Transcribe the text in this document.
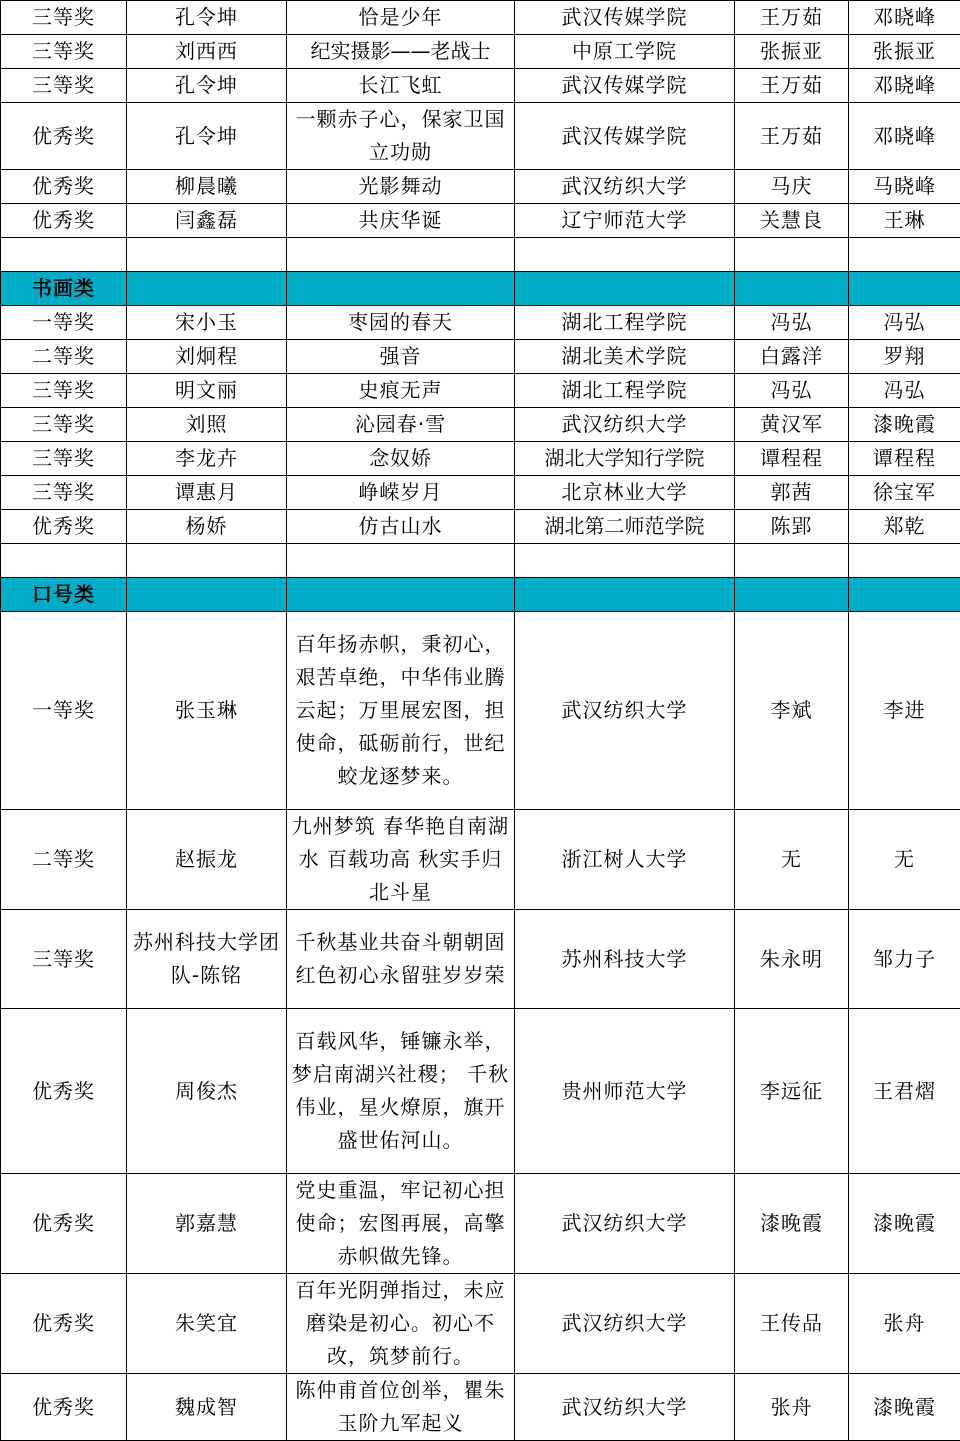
三等奖	孔令坤	恰是少年	武汉传媒学院	王万茹	邓晓峰
三等奖	刘西西	纪实摄影——老战士	中原工学院	张振亚	张振亚
三等奖	孔令坤	长江飞虹	武汉传媒学院	王万茹	邓晓峰
优秀奖	孔令坤	一颗赤子心，保家卫国立功勋	武汉传媒学院	王万茹	邓晓峰
优秀奖	柳晨曦	光影舞动	武汉纺织大学	马庆	马晓峰
优秀奖	闫鑫磊	共庆华诞	辽宁师范大学	关慧良	王琳

书画类					
一等奖	宋小玉	枣园的春天	湖北工程学院	冯弘	冯弘
二等奖	刘炯程	强音	湖北美术学院	白露洋	罗翔
三等奖	明文丽	史痕无声	湖北工程学院	冯弘	冯弘
三等奖	刘照	沁园春·雪	武汉纺织大学	黄汉军	漆晚霞
三等奖	李龙卉	念奴娇	湖北大学知行学院	谭程程	谭程程
三等奖	谭惠月	峥嵘岁月	北京林业大学	郭茜	徐宝军
优秀奖	杨娇	仿古山水	湖北第二师范学院	陈郢	郑乾

口号类					
一等奖	张玉琳	百年扬赤帜，秉初心，艰苦卓绝，中华伟业腾云起；万里展宏图，担使命，砥砺前行，世纪蛟龙逐梦来。	武汉纺织大学	李斌	李进
二等奖	赵振龙	九州梦筑 春华艳自南湖水 百载功高 秋实手归北斗星	浙江树人大学	无	无
三等奖	苏州科技大学团队-陈铭	千秋基业共奋斗朝朝固 红色初心永留驻岁岁荣	苏州科技大学	朱永明	邹力子
优秀奖	周俊杰	百载风华，锤镰永举，梦启南湖兴社稷； 千秋伟业，星火燎原，旗开盛世佑河山。	贵州师范大学	李远征	王君熠
优秀奖	郭嘉慧	党史重温，牢记初心担使命；宏图再展，高擎赤帜做先锋。	武汉纺织大学	漆晚霞	漆晚霞
优秀奖	朱笑宜	百年光阴弹指过，未应磨染是初心。初心不改，筑梦前行。	武汉纺织大学	王传品	张舟
优秀奖	魏成智	陈仲甫首位创举，瞿朱玉阶九军起义	武汉纺织大学	张舟	漆晚霞
